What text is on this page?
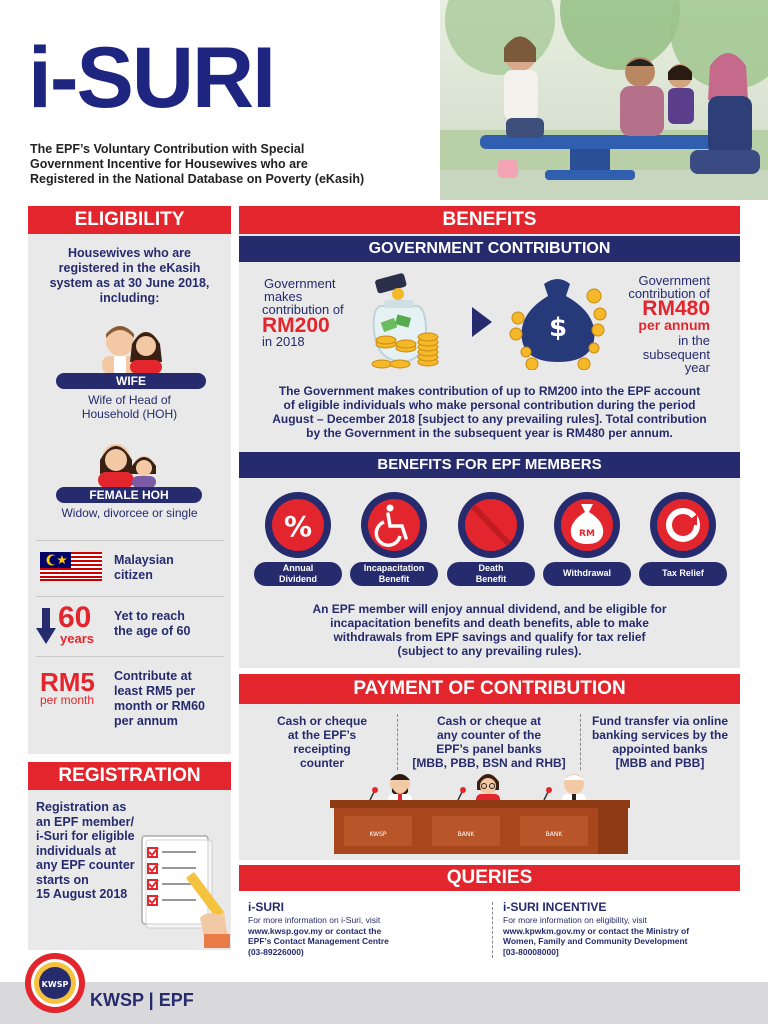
i-SURI
The EPF’s Voluntary Contribution with Special
Government Incentive for Housewives who are
Registered in the National Database on Poverty (eKasih)
ELIGIBILITY
Housewives who are
registered in the eKasih
system as at 30 June 2018,
including:
WIFE
Wife of Head of
Household (HOH)
FEMALE HOH
Widow, divorcee or single
Malaysian
citizen
60
years
Yet to reach
the age of 60
RM5
per month
Contribute at
least RM5 per
month or RM60
per annum
REGISTRATION
Registration as
an EPF member/
i-Suri for eligible
individuals at
any EPF counter
starts on
15 August 2018
BENEFITS
GOVERNMENT CONTRIBUTION
Government
makes
contribution of
RM200
in 2018	$
Government
contribution of
RM480
per annum
in the
subsequent
year
The Government makes contribution of up to RM200 into the EPF account
of eligible individuals who make personal contribution during the period
August – December 2018 [subject to any prevailing rules]. Total contribution
by the Government in the subsequent year is RM480 per annum.
BENEFITS FOR EPF MEMBERS
%
Annual
Dividend
Incapacitation
Benefit
Death
Benefit
RM
Withdrawal	Tax Relief
An EPF member will enjoy annual dividend, and be eligible for
incapacitation benefits and death benefits, able to make
withdrawals from EPF savings and qualify for tax relief
(subject to any prevailing rules).
PAYMENT OF CONTRIBUTION
Cash or cheque
at the EPF’s
receipting
counter
Cash or cheque at
any counter of the
EPF’s panel banks
[MBB, PBB, BSN and RHB]
Fund transfer via online
banking services by the
appointed banks
[MBB and PBB]
KWSP	BANK	BANK
QUERIES
i-SURI
For more information on i-Suri, visit
www.kwsp.gov.my or contact the
EPF’s Contact Management Centre
(03-89226000)
i-SURI INCENTIVE
For more information on eligibility, visit
www.kpwkm.gov.my or contact the Ministry of
Women, Family and Community Development
[03-80008000]
KWSP
KWSP | EPF
